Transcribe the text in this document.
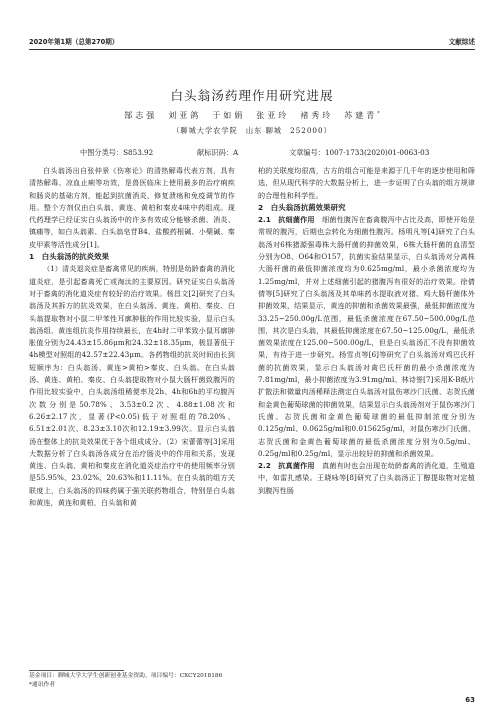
2020年第1期（总第270期）	文献综述
白头翁汤药理作用研究进展
郜志强　刘亚鸽　于如娟　张亚玲　褚秀玲　苏建青*
（聊城大学农学院　山东 聊城　252000）
中图分类号：S853.92	献标识码：A	文章编号：1007-1733(2020)01-0063-03

白头翁汤出自张仲景《伤寒论》的清热解毒代表方剂，具有清热解毒、凉血止痢等功效，是兽医临床上使用最多的治疗痢疾和肠炎的基础方剂，能起到抗菌消炎、修复溃疡和免疫调节的作用。整个方剂仅由白头翁、黄连、黄柏和秦皮4味中药组成。现代药理学已经证实白头翁汤中的许多有效成分能够杀菌、消炎、镇痛等，如白头翁素、白头翁皂苷B4、盐酸药根碱、小檗碱、秦皮甲素等活性成分[1]。

1　白头翁汤的抗炎效果

（1）清炎退炎症是畜禽常见的疾病，特别是幼龄畜禽的消化道炎症，是引起畜禽死亡或淘汰的主要原因。研究证实白头翁汤对于畜禽的消化道炎症有较好的治疗效果。杨昌文[2]研究了白头翁汤及其拆方的抗炎效果，在白头翁汤、黄连、黄柏、秦皮、白头翁提取物对小鼠二甲苯性耳廓肿胀的作用比较实验，显示白头翁汤组、黄连组抗炎作用持续最长，在4h时二甲苯致小鼠耳廓肿胀值分别为24.43±15.86μm和24.32±18.35μm，极显著低于4h模型对照组的42.57±22.43μm。各药物组的抗炎时间由长到短顺序为：白头翁汤、黄连>黄柏>秦皮、白头翁。在白头翁汤、黄连、黄柏、秦皮、白头翁提取物对小鼠大肠杆菌致腹泻的作用比较实验中，白头翁汤组稀便率及2h、4h和6h的平均腹泻次数分别是50.78%、3.53±0.2次、4.88±1.08次和6.26±2.17次，显著(P<0.05)低于对照组的78.20%、6.51±2.01次、8.23±3.10次和12.19±3.99次。显示白头翁汤在整体上的抗炎效果优于各个组成成分。（2）宋蕾蕾等[3]采用大数据分析了白头翁汤各成分在治疗肠炎中的作用和关系，发现黄连、白头翁、黄柏和秦皮在消化道炎症治疗中的使用频率分别是55.95%、23.02%、20.63%和11.11%。在白头翁的组方关联度上，白头翁汤的四味药属于强关联药物组合，特别是白头翁和黄连，黄连和黄柏，白头翁和黄

柏的关联度均很高，古方的组合可能是来源于几千年的逐步使用和筛选，但从现代科学的大数据分析上，进一步证明了白头翁的组方规律的合理性和科学性。

2　白头翁汤抗菌效果研究

2.1　抗细菌作用　 细菌性腹泻在畜禽腹泻中占比及高，即使开始是常规的腹泻，后期也会转化为细菌性腹泻。杨明凡等[4]研究了白头翁汤对6株猪源强毒株大肠杆菌的抑菌效果，6株大肠杆菌的血清型分别为O8、O64和O157，抗菌实验结果显示，白头翁汤对分离株大肠杆菌的最低抑菌浓度均为0.625mg/ml，最小杀菌浓度均为1.25mg/ml，并对上述细菌引起的猪腹泻有很好的治疗效果。徐倩倩等[5]研究了白头翁汤及其单味药水提取液对猪、鸡大肠杆菌体外抑菌效果，结果显示，黄连的抑菌和杀菌效果最强，最低抑菌浓度为33.25~250.00g/L范围，最低杀菌浓度在67.50~500.00g/L范围，其次是白头翁，其最低抑菌浓度在67.50~125.00g/L，最低杀菌效果浓度在125.00~500.00g/L，但是白头翁汤汇不没有抑菌效果，有待于进一步研究。杨雪贞等[6]等研究了白头翁汤对鸡巴氏杆菌的抗菌效果，显示白头翁汤对禽巴氏杆菌的最小杀菌浓度为7.81mg/ml，最小抑菌浓度为3.91mg/ml。林诗誉[7]采用K-B纸片扩散法和微量肉汤稀释法测定白头翁汤对鼠伤寒沙门氏菌、志贺氏菌和金黄色葡萄球菌的抑菌效果，结果显示白头翁汤剂对于鼠伤寒沙门氏菌、志贺氏菌和金黄色葡萄球菌的最低抑制浓度分别为0.125g/ml、0.0625g/ml和0.015625g/ml，对鼠伤寒沙门氏菌、志贺氏菌和金黄色葡萄球菌的最低杀菌浓度分别为0.5g/ml、0.25g/ml和0.25g/ml，显示出较好的抑菌和杀菌效果。

2.2　抗真菌作用　 真菌有时也会出现在幼龄畜禽的消化道，生殖道中，如雷扎感染。王晓咏等[8]研究了白头翁汤正丁醇提取物对定植到腹泻性肠

基金项目：聊城大学大学生创新创业基金资助，项目编号：CXCY2018186
*通讯作者
63
